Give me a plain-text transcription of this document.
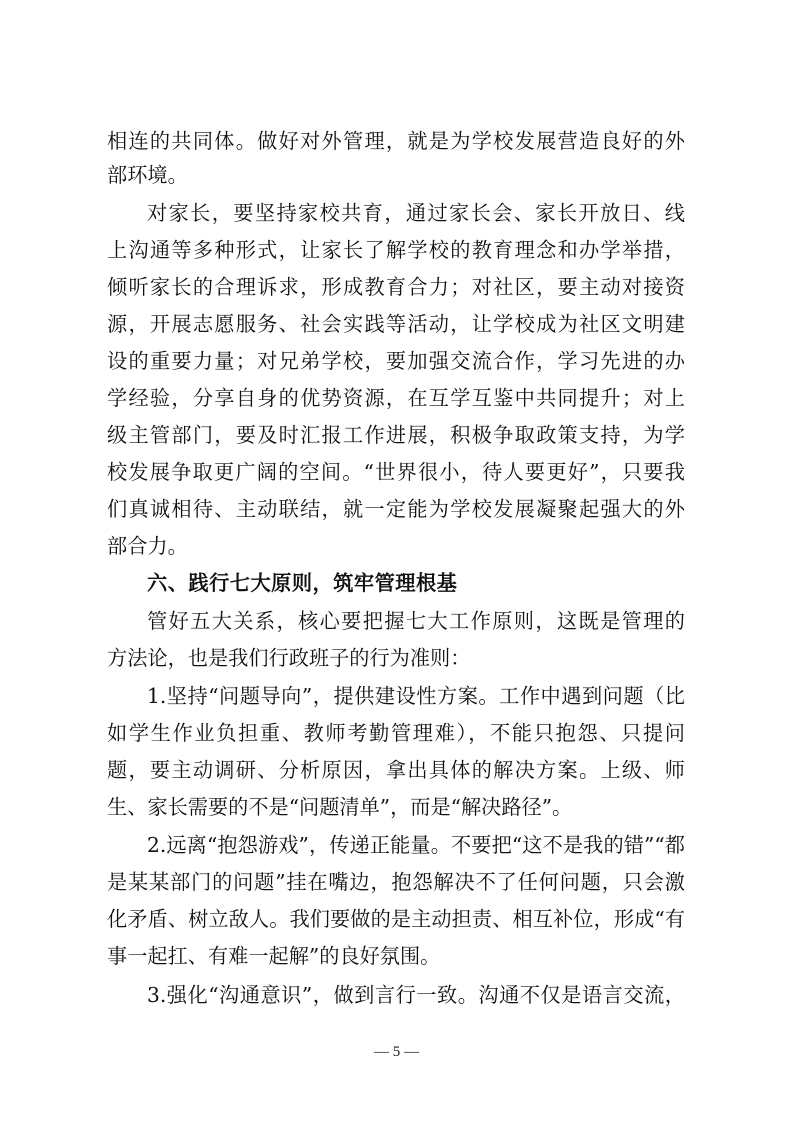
相连的共同体。做好对外管理，就是为学校发展营造良好的外
部环境。
对家长，要坚持家校共育，通过家长会、家长开放日、线
上沟通等多种形式，让家长了解学校的教育理念和办学举措，
倾听家长的合理诉求，形成教育合力；对社区，要主动对接资
源，开展志愿服务、社会实践等活动，让学校成为社区文明建
设的重要力量；对兄弟学校，要加强交流合作，学习先进的办
学经验，分享自身的优势资源，在互学互鉴中共同提升；对上
级主管部门，要及时汇报工作进展，积极争取政策支持，为学
校发展争取更广阔的空间。“世界很小，待人要更好”，只要我
们真诚相待、主动联结，就一定能为学校发展凝聚起强大的外
部合力。
六、践行七大原则，筑牢管理根基
管好五大关系，核心要把握七大工作原则，这既是管理的
方法论，也是我们行政班子的行为准则：
1.坚持“问题导向”，提供建设性方案。工作中遇到问题（比
如学生作业负担重、教师考勤管理难），不能只抱怨、只提问
题，要主动调研、分析原因，拿出具体的解决方案。上级、师
生、家长需要的不是“问题清单”，而是“解决路径”。
2.远离“抱怨游戏”，传递正能量。不要把“这不是我的错”“都
是某某部门的问题”挂在嘴边，抱怨解决不了任何问题，只会激
化矛盾、树立敌人。我们要做的是主动担责、相互补位，形成“有
事一起扛、有难一起解”的良好氛围。
3.强化“沟通意识”，做到言行一致。沟通不仅是语言交流，
— 5 —
